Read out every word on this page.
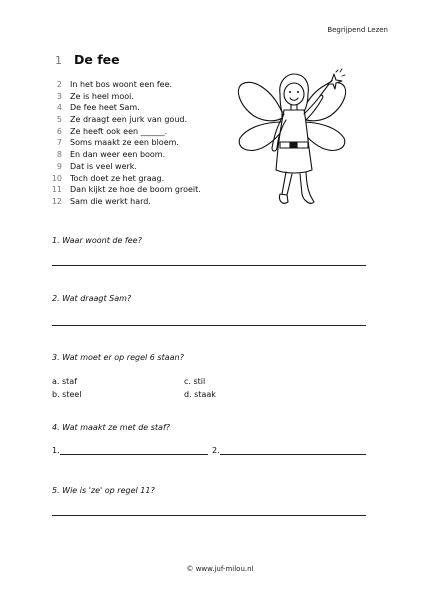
Begrijpend Lezen
1 De fee
2 In het bos woont een fee.
3 Ze is heel mooi.
4 De fee heet Sam.
5 Ze draagt een jurk van goud.
6 Ze heeft ook een ______.
7 Soms maakt ze een bloem.
8 En dan weer een boom.
9 Dat is veel werk.
10 Toch doet ze het graag.
11 Dan kijkt ze hoe de boom groeit.
12 Sam die werkt hard.
1. Waar woont de fee?
2. Wat draagt Sam?
3. Wat moet er op regel 6 staan?
a. staf	c. stil
b. steel	d. staak
4. Wat maakt ze met de staf?
1.	2.
5. Wie is 'ze' op regel 11?
© www.juf-milou.nl
